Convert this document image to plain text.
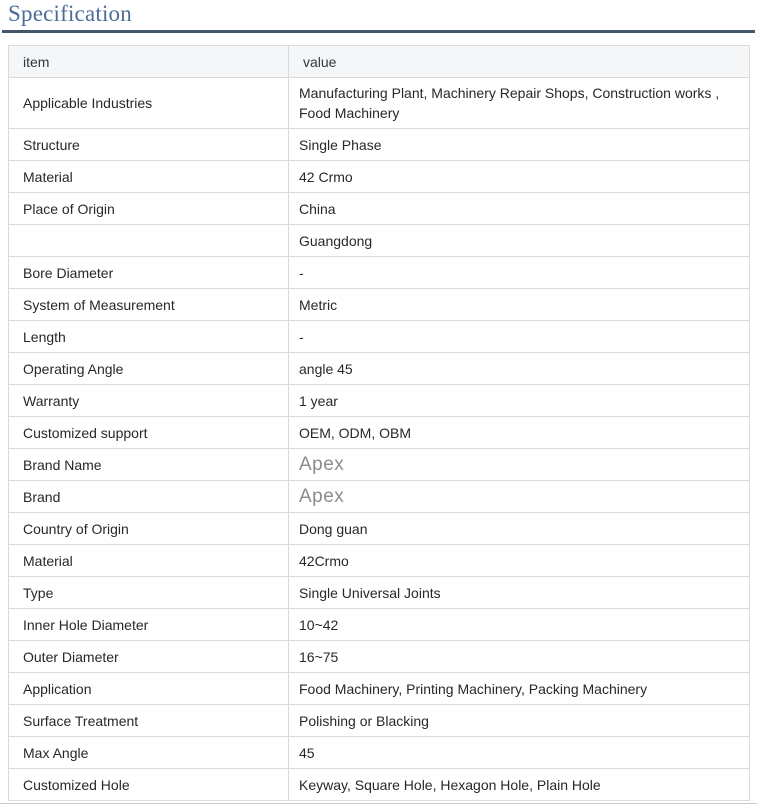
Specification
item	value
Applicable Industries	Manufacturing Plant, Machinery Repair Shops, Construction works , Food Machinery
Structure	Single Phase
Material	42 Crmo
Place of Origin	China
	Guangdong
Bore Diameter	-
System of Measurement	Metric
Length	-
Operating Angle	angle 45
Warranty	1 year
Customized support	OEM, ODM, OBM
Brand Name	Apex
Brand	Apex
Country of Origin	Dong guan
Material	42Crmo
Type	Single Universal Joints
Inner Hole Diameter	10~42
Outer Diameter	16~75
Application	Food Machinery, Printing Machinery, Packing Machinery
Surface Treatment	Polishing or Blacking
Max Angle	45
Customized Hole	Keyway, Square Hole, Hexagon Hole, Plain Hole
